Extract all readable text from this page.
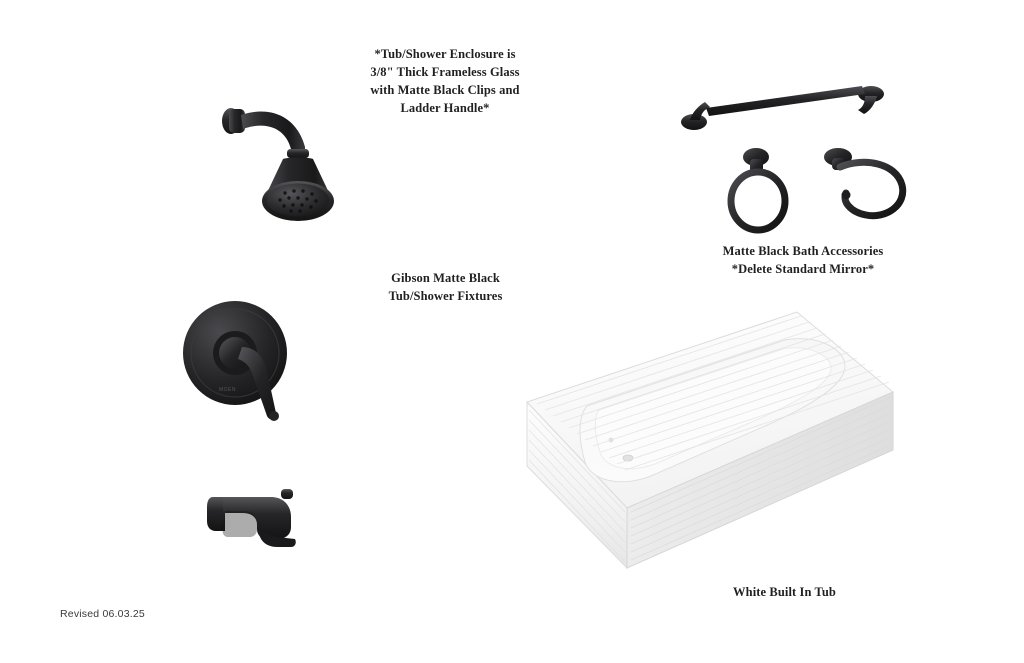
MOEN
*Tub/Shower Enclosure is
3/8" Thick Frameless Glass
with Matte Black Clips and
Ladder Handle*
Gibson Matte Black
Tub/Shower Fixtures
Matte Black Bath Accessories
*Delete Standard Mirror*
White Built In Tub
Revised 06.03.25
